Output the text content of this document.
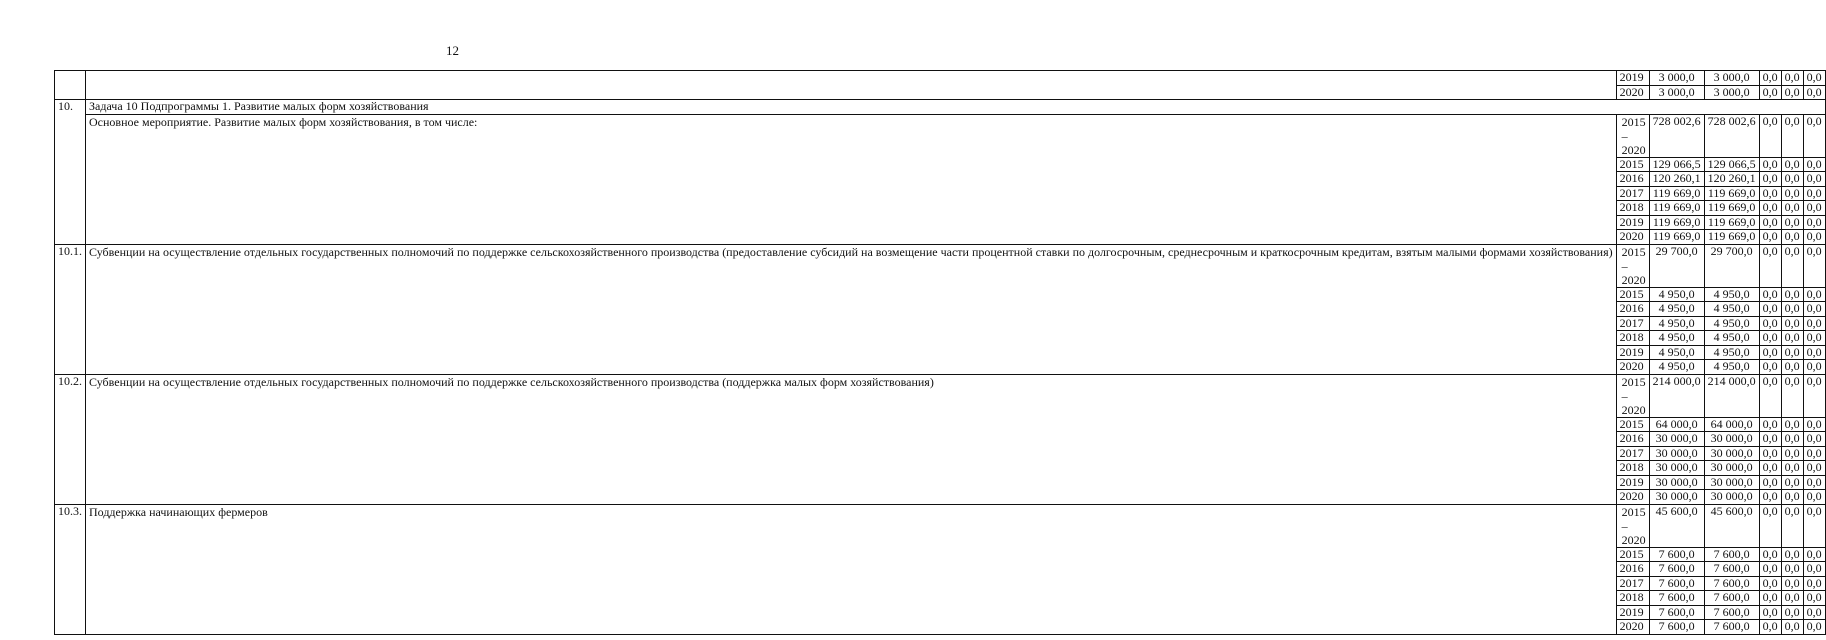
12
		2019	3 000,0	3 000,0	0,0	0,0	0,0
		2020	3 000,0	3 000,0	0,0	0,0	0,0
10.	Задача 10 Подпрограммы 1. Развитие малых форм хозяйствования						
	Основное мероприятие. Развитие малых форм хозяйствования, в том числе:	2015 – 2020	728 002,6	728 002,6	0,0	0,0	0,0
		2015	129 066,5	129 066,5	0,0	0,0	0,0
		2016	120 260,1	120 260,1	0,0	0,0	0,0
		2017	119 669,0	119 669,0	0,0	0,0	0,0
		2018	119 669,0	119 669,0	0,0	0,0	0,0
		2019	119 669,0	119 669,0	0,0	0,0	0,0
		2020	119 669,0	119 669,0	0,0	0,0	0,0
10.1.	Субвенции на осуществление отдельных государственных полномочий по поддержке сельскохозяйственного производства (предоставление субсидий на возмещение части процентной ставки по долгосрочным, среднесрочным и краткосрочным кредитам, взятым малыми формами хозяйствования)	2015 – 2020	29 700,0	29 700,0	0,0	0,0	0,0
		2015	4 950,0	4 950,0	0,0	0,0	0,0
		2016	4 950,0	4 950,0	0,0	0,0	0,0
		2017	4 950,0	4 950,0	0,0	0,0	0,0
		2018	4 950,0	4 950,0	0,0	0,0	0,0
		2019	4 950,0	4 950,0	0,0	0,0	0,0
		2020	4 950,0	4 950,0	0,0	0,0	0,0
10.2.	Субвенции на осуществление отдельных государственных полномочий по поддержке сельскохозяйственного производства (поддержка малых форм хозяйствования)	2015 – 2020	214 000,0	214 000,0	0,0	0,0	0,0
		2015	64 000,0	64 000,0	0,0	0,0	0,0
		2016	30 000,0	30 000,0	0,0	0,0	0,0
		2017	30 000,0	30 000,0	0,0	0,0	0,0
		2018	30 000,0	30 000,0	0,0	0,0	0,0
		2019	30 000,0	30 000,0	0,0	0,0	0,0
		2020	30 000,0	30 000,0	0,0	0,0	0,0
10.3.	Поддержка начинающих фермеров	2015 – 2020	45 600,0	45 600,0	0,0	0,0	0,0
		2015	7 600,0	7 600,0	0,0	0,0	0,0
		2016	7 600,0	7 600,0	0,0	0,0	0,0
		2017	7 600,0	7 600,0	0,0	0,0	0,0
		2018	7 600,0	7 600,0	0,0	0,0	0,0
		2019	7 600,0	7 600,0	0,0	0,0	0,0
		2020	7 600,0	7 600,0	0,0	0,0	0,0
